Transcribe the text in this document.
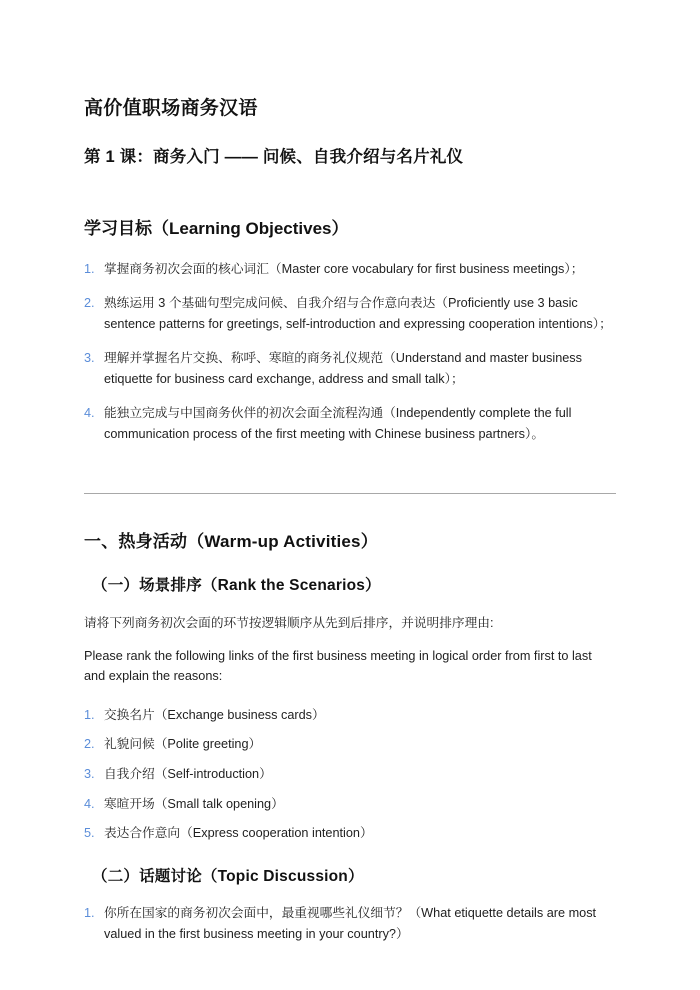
高价值职场商务汉语
第 1 课：商务入门 —— 问候、自我介绍与名片礼仪
学习目标（Learning Objectives）
1. 掌握商务初次会面的核心词汇（Master core vocabulary for first business meetings）；
2. 熟练运用 3 个基础句型完成问候、自我介绍与合作意向表达（Proficiently use 3 basic sentence patterns for greetings, self-introduction and expressing cooperation intentions）；
3. 理解并掌握名片交换、称呼、寒暄的商务礼仪规范（Understand and master business etiquette for business card exchange, address and small talk）；
4. 能独立完成与中国商务伙伴的初次会面全流程沟通（Independently complete the full communication process of the first meeting with Chinese business partners）。
一、热身活动（Warm-up Activities）
（一）场景排序（Rank the Scenarios）

请将下列商务初次会面的环节按逻辑顺序从先到后排序，并说明排序理由:

Please rank the following links of the first business meeting in logical order from first to last and explain the reasons:

1. 交换名片（Exchange business cards）
2. 礼貌问候（Polite greeting）
3. 自我介绍（Self-introduction）
4. 寒暄开场（Small talk opening）
5. 表达合作意向（Express cooperation intention）
（二）话题讨论（Topic Discussion）
1. 你所在国家的商务初次会面中，最重视哪些礼仪细节？（What etiquette details are most valued in the first business meeting in your country?）
